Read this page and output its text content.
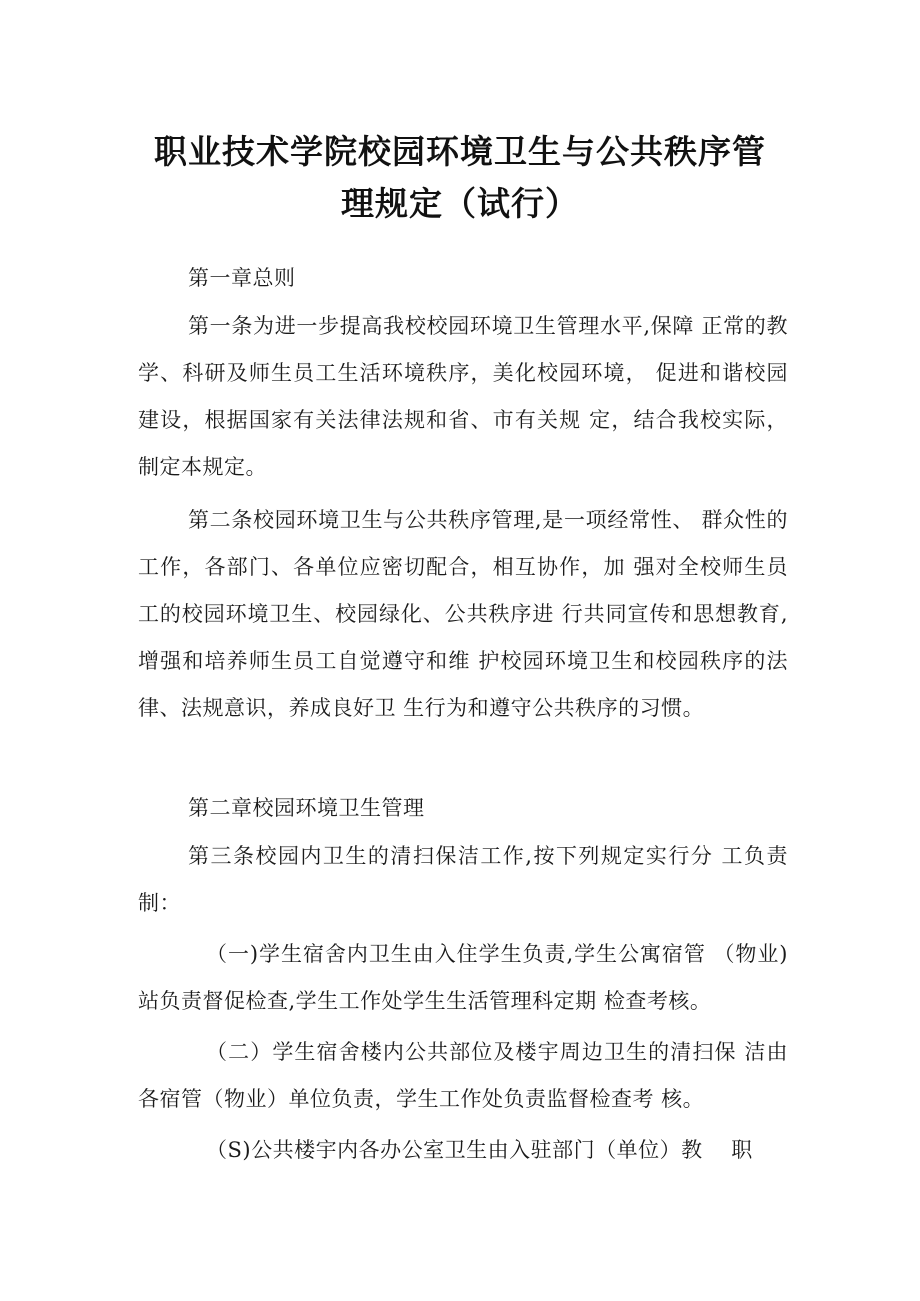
职业技术学院校园环境卫生与公共秩序管
理规定（试行）
第一章总则
第一条为进一步提高我校校园环境卫生管理水平,保障 正常的教学、科研及师生员工生活环境秩序，美化校园环境， 促进和谐校园建设，根据国家有关法律法规和省、市有关规 定，结合我校实际，制定本规定。
第二条校园环境卫生与公共秩序管理,是一项经常性、 群众性的工作，各部门、各单位应密切配合，相互协作，加 强对全校师生员工的校园环境卫生、校园绿化、公共秩序进 行共同宣传和思想教育,增强和培养师生员工自觉遵守和维 护校园环境卫生和校园秩序的法律、法规意识，养成良好卫 生行为和遵守公共秩序的习惯。
第二章校园环境卫生管理
第三条校园内卫生的清扫保洁工作,按下列规定实行分 工负责制：
（一)学生宿舍内卫生由入住学生负责,学生公寓宿管 （物业)站负责督促检查,学生工作处学生生活管理科定期 检查考核。
（二）学生宿舍楼内公共部位及楼宇周边卫生的清扫保 洁由各宿管（物业）单位负责，学生工作处负责监督检查考 核。
（S)公共楼宇内各办公室卫生由入驻部门（单位）教　 职
